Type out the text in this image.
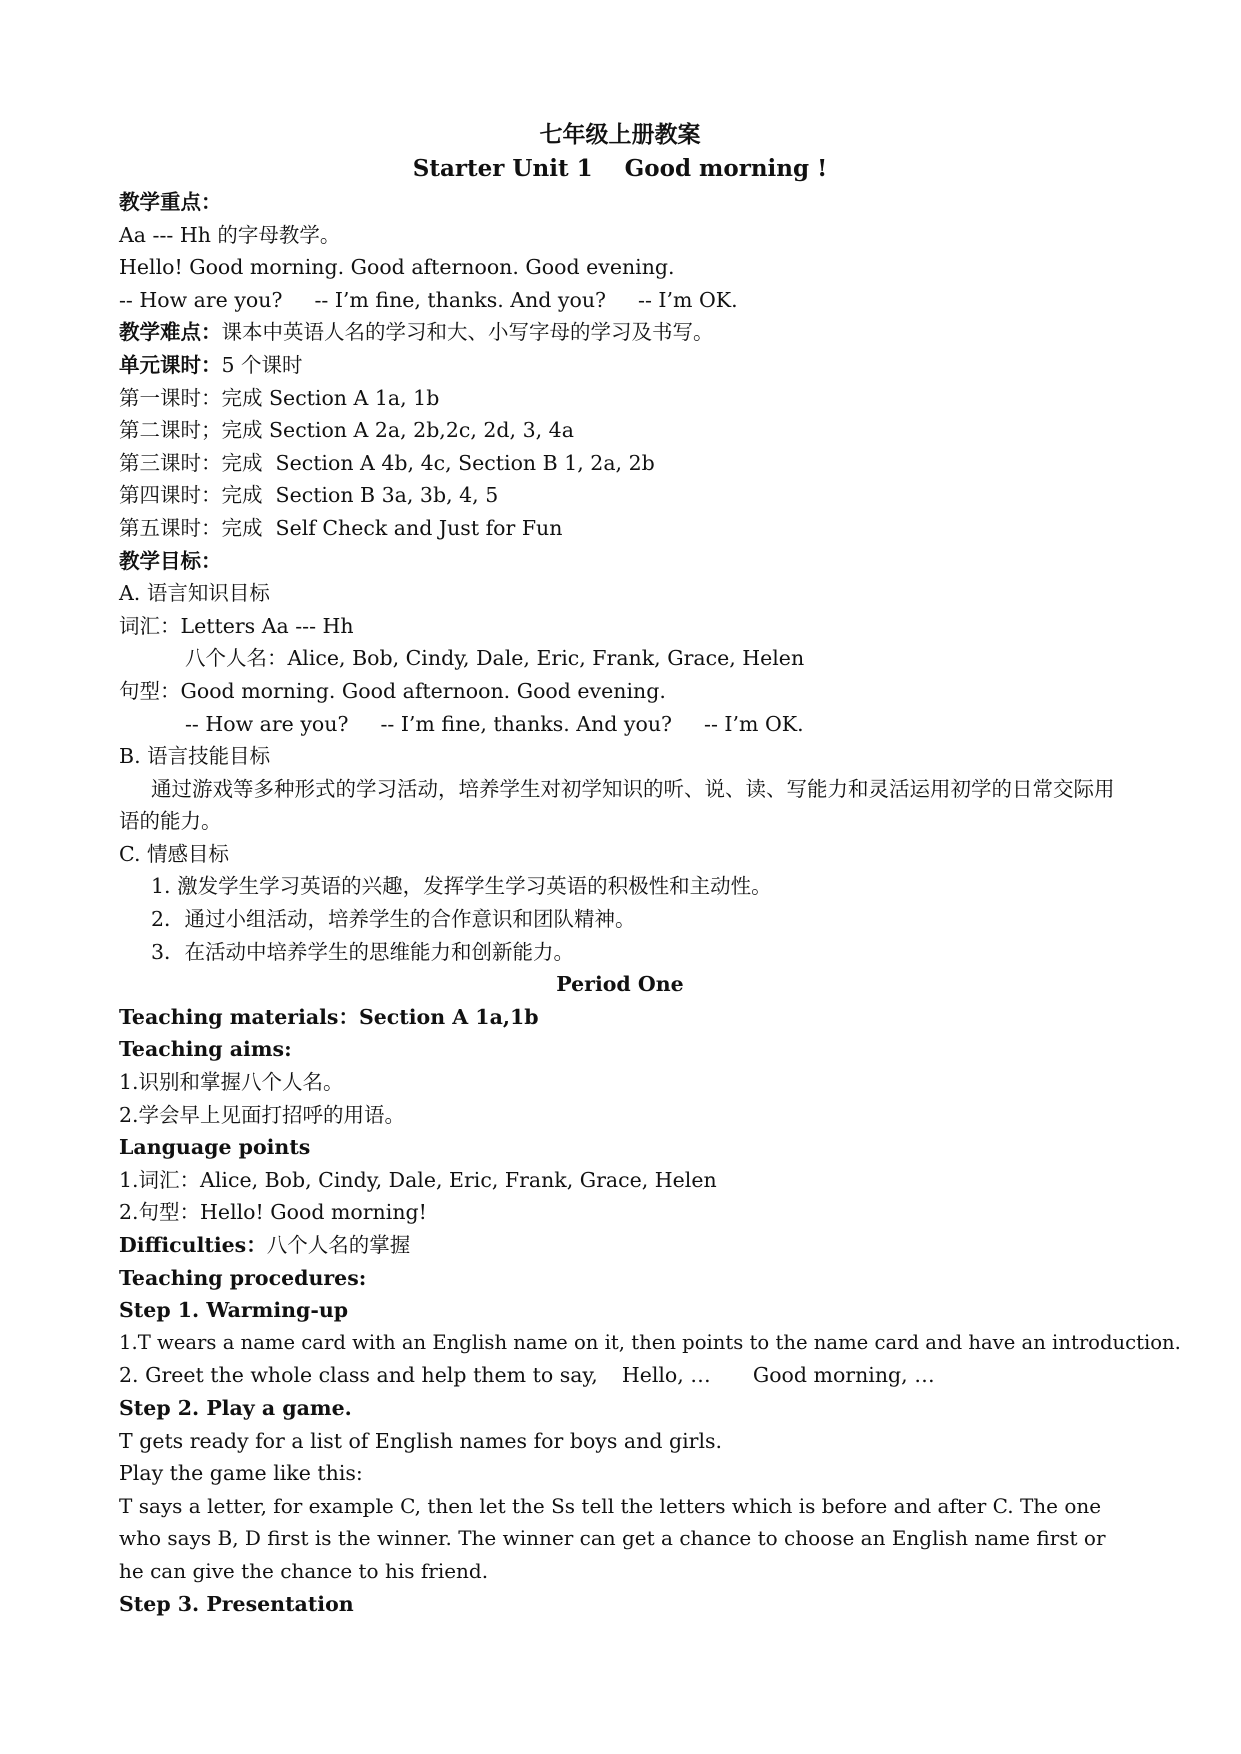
七年级上册教案
Starter Unit 1    Good morning !
教学重点：
Aa --- Hh 的字母教学。
Hello! Good morning. Good afternoon. Good evening.
-- How are you? -- I’m fine, thanks. And you? -- I’m OK.
教学难点：课本中英语人名的学习和大、小写字母的学习及书写。
单元课时：5 个课时
第一课时：完成 Section A 1a, 1b
第二课时；完成 Section A 2a, 2b,2c, 2d, 3, 4a
第三课时：完成  Section A 4b, 4c, Section B 1, 2a, 2b
第四课时：完成  Section B 3a, 3b, 4, 5
第五课时：完成  Self Check and Just for Fun
教学目标：
A. 语言知识目标
词汇：Letters Aa --- Hh
八个人名：Alice, Bob, Cindy, Dale, Eric, Frank, Grace, Helen
句型：Good morning. Good afternoon. Good evening.
-- How are you? -- I’m fine, thanks. And you? -- I’m OK.
B. 语言技能目标
通过游戏等多种形式的学习活动，培养学生对初学知识的听、说、读、写能力和灵活运用初学的日常交际用语的能力。
C. 情感目标
1. 激发学生学习英语的兴趣，发挥学生学习英语的积极性和主动性。
2．通过小组活动，培养学生的合作意识和团队精神。
3．在活动中培养学生的思维能力和创新能力。
Period One
Teaching materials：Section A 1a,1b
Teaching aims:
1.识别和掌握八个人名。
2.学会早上见面打招呼的用语。
Language points
1.词汇：Alice, Bob, Cindy, Dale, Eric, Frank, Grace, Helen
2.句型：Hello! Good morning!
Difficulties：八个人名的掌握
Teaching procedures:
Step 1. Warming-up
1.T wears a name card with an English name on it, then points to the name card and have an introduction.
2. Greet the whole class and help them to say, Hello, … Good morning, …
Step 2. Play a game.
T gets ready for a list of English names for boys and girls.
Play the game like this:
T says a letter, for example C, then let the Ss tell the letters which is before and after C. The one who says B, D first is the winner. The winner can get a chance to choose an English name first or he can give the chance to his friend.
Step 3. Presentation
